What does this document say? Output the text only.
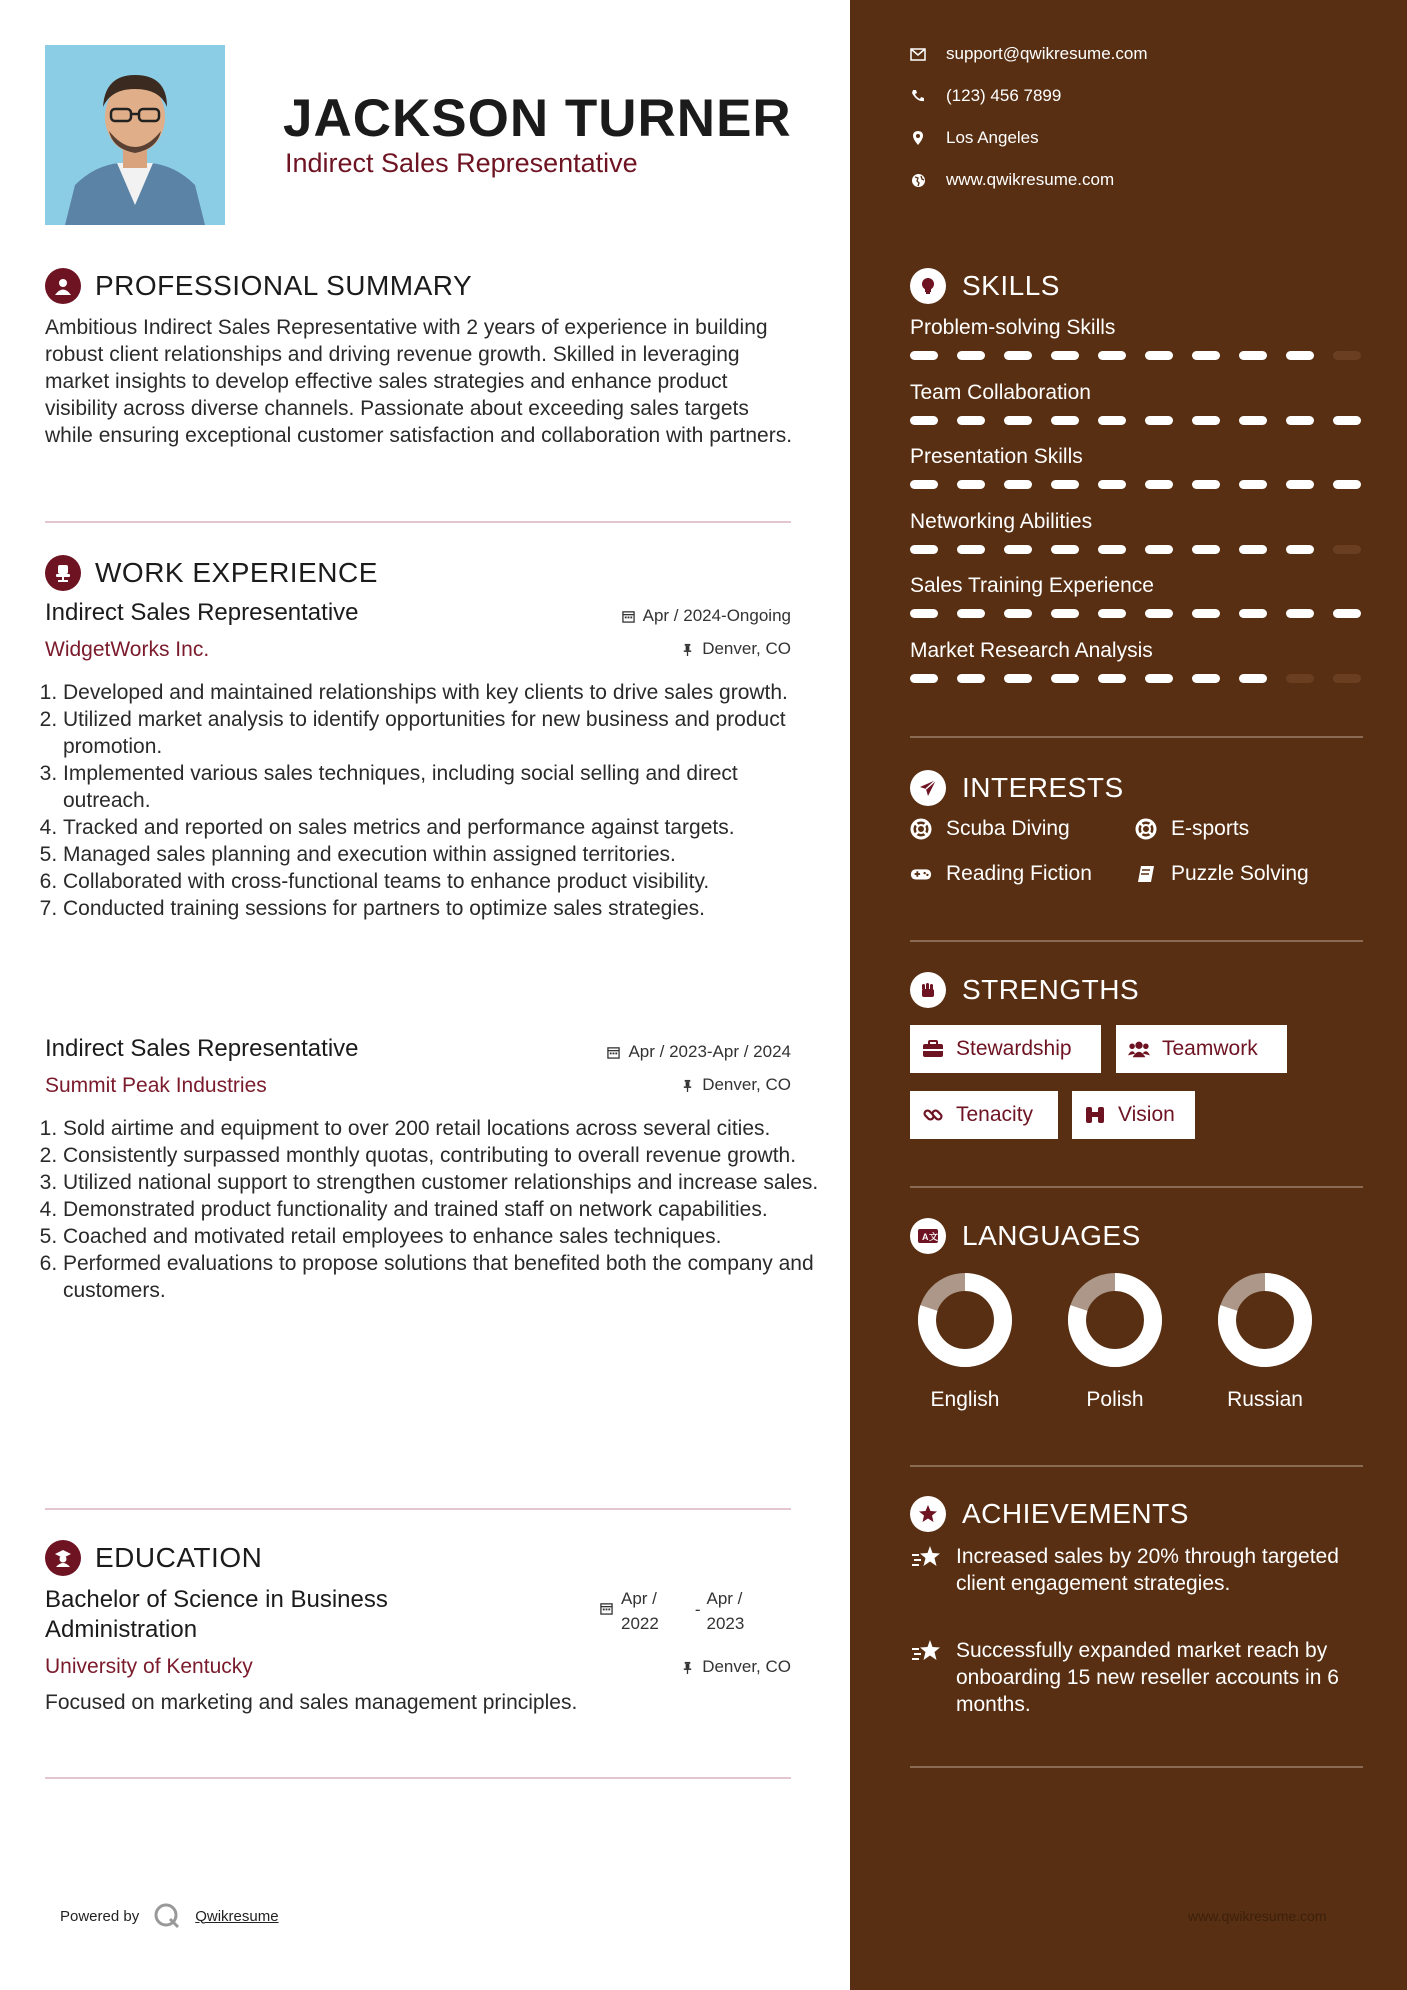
JACKSON TURNER
Indirect Sales Representative
PROFESSIONAL SUMMARY

Ambitious Indirect Sales Representative with 2 years of experience in building robust client relationships and driving revenue growth. Skilled in leveraging market insights to develop effective sales strategies and enhance product visibility across diverse channels. Passionate about exceeding sales targets while ensuring exceptional customer satisfaction and collaboration with partners.

WORK EXPERIENCE
Indirect Sales Representative	Apr / 2024-Ongoing
WidgetWorks Inc.	Denver, CO
1. Developed and maintained relationships with key clients to drive sales growth.
2. Utilized market analysis to identify opportunities for new business and product promotion.
3. Implemented various sales techniques, including social selling and direct outreach.
4. Tracked and reported on sales metrics and performance against targets.
5. Managed sales planning and execution within assigned territories.
6. Collaborated with cross-functional teams to enhance product visibility.
7. Conducted training sessions for partners to optimize sales strategies.
Indirect Sales Representative	Apr / 2023-Apr / 2024
Summit Peak Industries	Denver, CO
1. Sold airtime and equipment to over 200 retail locations across several cities.
2. Consistently surpassed monthly quotas, contributing to overall revenue growth.
3. Utilized national support to strengthen customer relationships and increase sales.
4. Demonstrated product functionality and trained staff on network capabilities.
5. Coached and motivated retail employees to enhance sales techniques.
6. Performed evaluations to propose solutions that benefited both the company and customers.
EDUCATION
Bachelor of Science in Business Administration
Apr /
2022
-
Apr /
2023
University of Kentucky	Denver, CO
Focused on marketing and sales management principles.
Powered by	Qwikresume
support@qwikresume.com
(123) 456 7899
Los Angeles
www.qwikresume.com
SKILLS
Problem-solving Skills
Team Collaboration
Presentation Skills
Networking Abilities
Sales Training Experience
Market Research Analysis
INTERESTS
Scuba Diving	E-sports
Reading Fiction	Puzzle Solving
STRENGTHS
Stewardship	Teamwork
Tenacity	Vision
A 文 LANGUAGES
English	Polish	Russian
ACHIEVEMENTS
Increased sales by 20% through targeted client engagement strategies.
Successfully expanded market reach by onboarding 15 new reseller accounts in 6 months.
www.qwikresume.com
